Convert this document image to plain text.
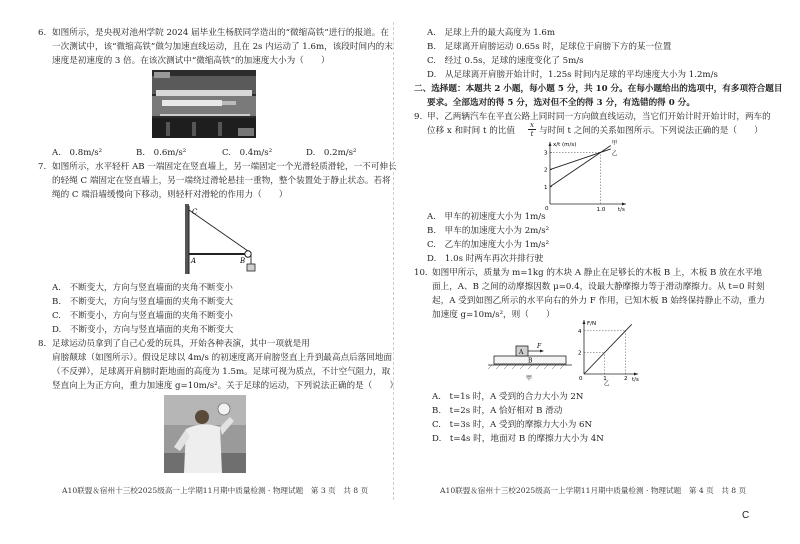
6. 如图所示，是央视对池州学院 2024 届毕业生杨朕同学造出的“微缩高铁”进行的报道。在
一次测试中，该“微缩高铁”做匀加速直线运动，且在 2s 内运动了 1.6m，该段时间内的末
速度是初速度的 3 倍。在该次测试中“微缩高铁”的加速度大小为（　　）
A.　0.8m/s²	B.　0.6m/s²	C.　0.4m/s²	D.　0.2m/s²
7. 如图所示，水平轻杆 AB 一端固定在竖直墙上，另一端固定一个光滑轻质滑轮，一不可伸长
的轻绳 C 端固定在竖直墙上，另一端绕过滑轮悬挂一重物，整个装置处于静止状态。若将
绳的 C 端沿墙缓慢向下移动，则轻杆对滑轮的作用力（　　）
C
A	B
A.　不断变大，方向与竖直墙面的夹角不断变小
B.　不断变大，方向与竖直墙面的夹角不断变大
C.　不断变小，方向与竖直墙面的夹角不断变小
D.　不断变小，方向与竖直墙面的夹角不断变大
8. 足球运动员拿到了自己心爱的玩具，开始各种表演，其中一项就是用
肩膀颠球（如图所示）。假设足球以 4m/s 的初速度离开肩膀竖直上升到最高点后落回地面
（不反弹），足球离开肩膀时距地面的高度为 1.5m。足球可视为质点，不计空气阻力，取
竖直向上为正方向，重力加速度 g=10m/s²。关于足球的运动，下列说法正确的是（　　）
A10联盟＆宿州十三校2025级高一上学期11月期中质量检测 · 物理试题　第 3 页　共 8 页
A.　足球上升的最大高度为 1.6m
B.　足球离开肩膀运动 0.65s 时，足球位于肩膀下方的某一位置
C.　经过 0.5s，足球的速度变化了 5m/s
D.　从足球离开肩膀开始计时，1.25s 时间内足球的平均速度大小为 1.2m/s
二、选择题：本题共 2 小题，每小题 5 分，共 10 分。在每小题给出的选项中，有多项符合题目
要求。全部选对的得 5 分，选对但不全的得 3 分，有选错的得 0 分。
9. 甲、乙两辆汽车在平直公路上同时同一方向做直线运动，当它们开始计时开始计时，两车的
位移 x 和时间 t 的比值 $\frac{x}{t}$ 与时间 t 之间的关系如图所示。下列说法正确的是（　　）
x/t (m/s)
t/s
0
1
2
3
1.0
甲
乙
A.　甲车的初速度大小为 1m/s
B.　甲车的加速度大小为 2m/s²
C.　乙车的加速度大小为 1m/s²
D.　1.0s 时两车再次并排行驶
10. 如图甲所示，质量为 m=1kg 的木块 A 静止在足够长的木板 B 上，木板 B 放在水平地
面上，A、B 之间的动摩擦因数 μ=0.4，设最大静摩擦力等于滑动摩擦力。从 t=0 时刻
起，A 受到如图乙所示的水平向右的外力 F 作用，已知木板 B 始终保持静止不动，重力
加速度 g=10m/s²，则（　　）
A
B
F
甲
F/N
t/s
0
2
4
1	2
乙
A.　t=1s 时，A 受到的合力大小为 2N
B.　t=2s 时，A 恰好相对 B 滑动
C.　t=3s 时，A 受到的摩擦力大小为 6N
D.　t=4s 时，地面对 B 的摩擦力大小为 4N
A10联盟＆宿州十三校2025级高一上学期11月期中质量检测 · 物理试题　第 4 页　共 8 页
C
